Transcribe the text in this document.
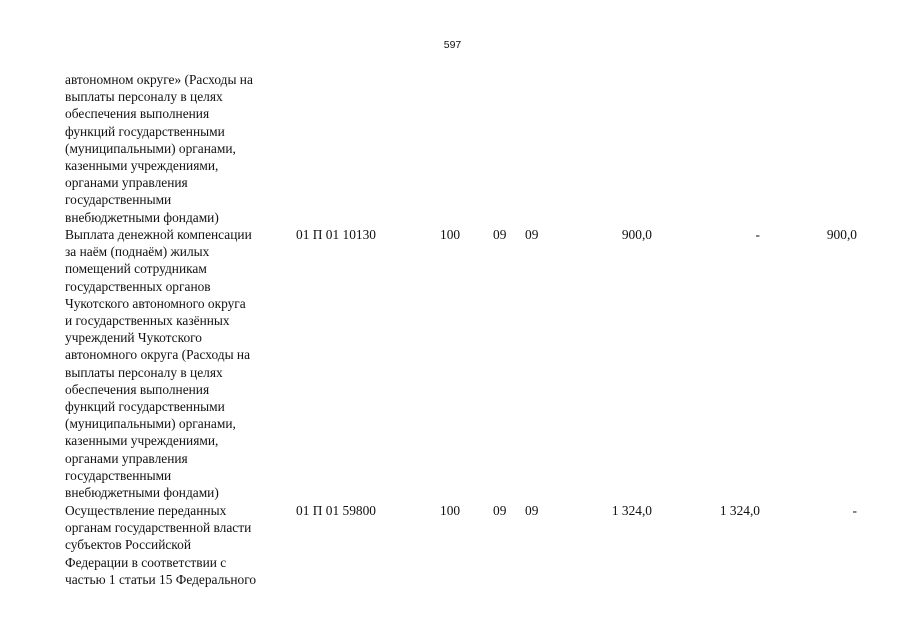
597
автономном округе» (Расходы на
выплаты персоналу в целях
обеспечения выполнения
функций государственными
(муниципальными) органами,
казенными учреждениями,
органами управления
государственными
внебюджетными фондами)
Выплата денежной компенсации
за наём (поднаём) жилых
помещений сотрудникам
государственных органов
Чукотского автономного округа
и государственных казённых
учреждений Чукотского
автономного округа (Расходы на
выплаты персоналу в целях
обеспечения выполнения
функций государственными
(муниципальными) органами,
казенными учреждениями,
органами управления
государственными
внебюджетными фондами)
01 П 01 10130	100 09 09	900,0	-	900,0
Осуществление переданных
органам государственной власти
субъектов Российской
Федерации в соответствии с
частью 1 статьи 15 Федерального
01 П 01 59800	100 09 09	1 324,0	1 324,0	-
